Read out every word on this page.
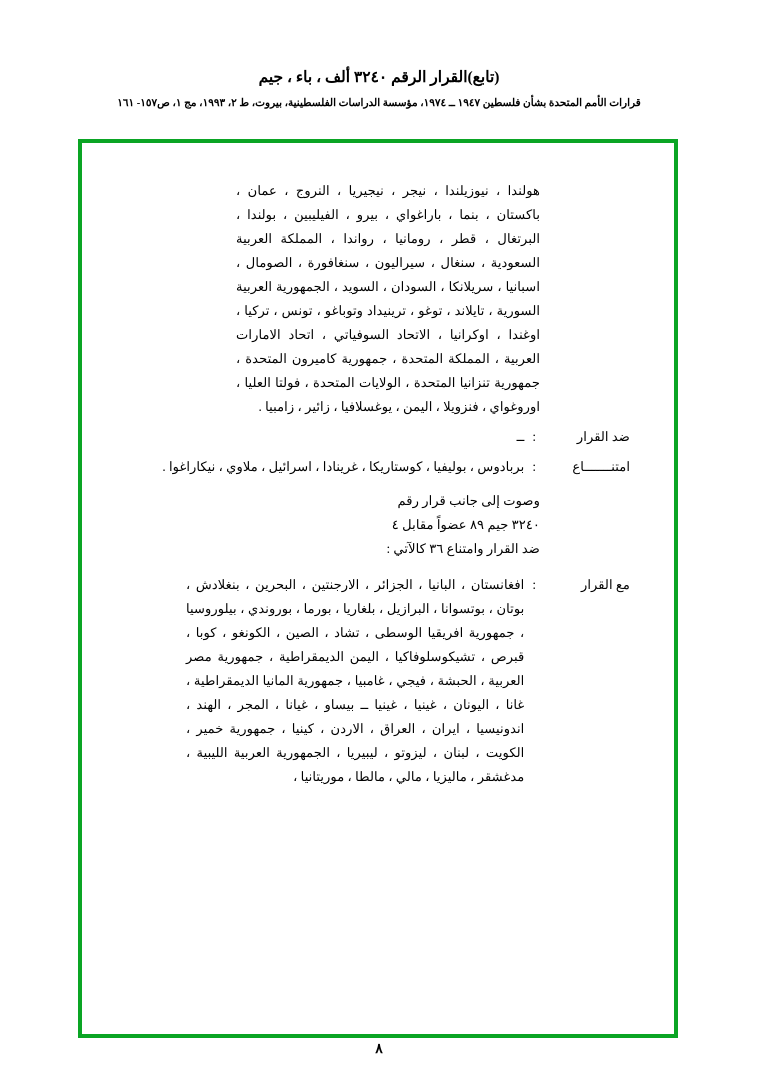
(تابع)القرار الرقم ٣٢٤٠ ألف ، باء ، جيم
قرارات الأمم المتحدة بشأن فلسطين ١٩٤٧ ــ ١٩٧٤، مؤسسة الدراسات الفلسطينية، بيروت، ط ٢، ١٩٩٣، مج ١، ص١٥٧- ١٦١
هولندا ، نيوزيلندا ، نيجر ، نيجيريا ، النروج ، عمان ، باكستان ، بنما ، باراغواي ، بيرو ، الفيليبين ، بولندا ، البرتغال ، قطر ، رومانيا ، رواندا ، المملكة العربية السعودية ، سنغال ، سيراليون ، سنغافورة ، الصومال ، اسبانيا ، سريلانكا ، السودان ، السويد ، الجمهورية العربية السورية ، تايلاند ، توغو ، ترينيداد وتوباغو ، تونس ، تركيا ، اوغندا ، اوكرانيا ، الاتحاد السوفياتي ، اتحاد الامارات العربية ، المملكة المتحدة ، جمهورية كاميرون المتحدة ، جمهورية تنزانيا المتحدة ، الولايات المتحدة ، فولتا العليا ، اوروغواي ، فنزويلا ، اليمن ، يوغسلافيا ، زائير ، زامبيا .
ضد القرار
:
ــ
امتنـــــــاع
:
بربادوس ، بوليفيا ، كوستاريكا ، غرينادا ، اسرائيل ، ملاوي ، نيكاراغوا .
وصوت إلى جانب قرار رقم
٣٢٤٠ جيم ٨٩ عضواً مقابل ٤
ضد القرار وامتناع ٣٦ كالآتي :
مع القرار
:
افغانستان ، البانيا ، الجزائر ، الارجنتين ، البحرين ، بنغلادش ، بوتان ، بوتسوانا ، البرازيل ، بلغاريا ، بورما ، بوروندي ، بيلوروسيا ، جمهورية افريقيا الوسطى ، تشاد ، الصين ، الكونغو ، كوبا ، قبرص ، تشيكوسلوفاكيا ، اليمن الديمقراطية ، جمهورية مصر العربية ، الحبشة ، فيجي ، غامبيا ، جمهورية المانيا الديمقراطية ، غانا ، اليونان ، غينيا ، غينيا ــ بيساو ، غيانا ، المجر ، الهند ، اندونيسيا ، ايران ، العراق ، الاردن ، كينيا ، جمهورية خمير ، الكويت ، لبنان ، ليزوتو ، ليبيريا ، الجمهورية العربية الليبية ، مدغشقر ، ماليزيا ، مالي ، مالطا ، موريتانيا ،
٨
